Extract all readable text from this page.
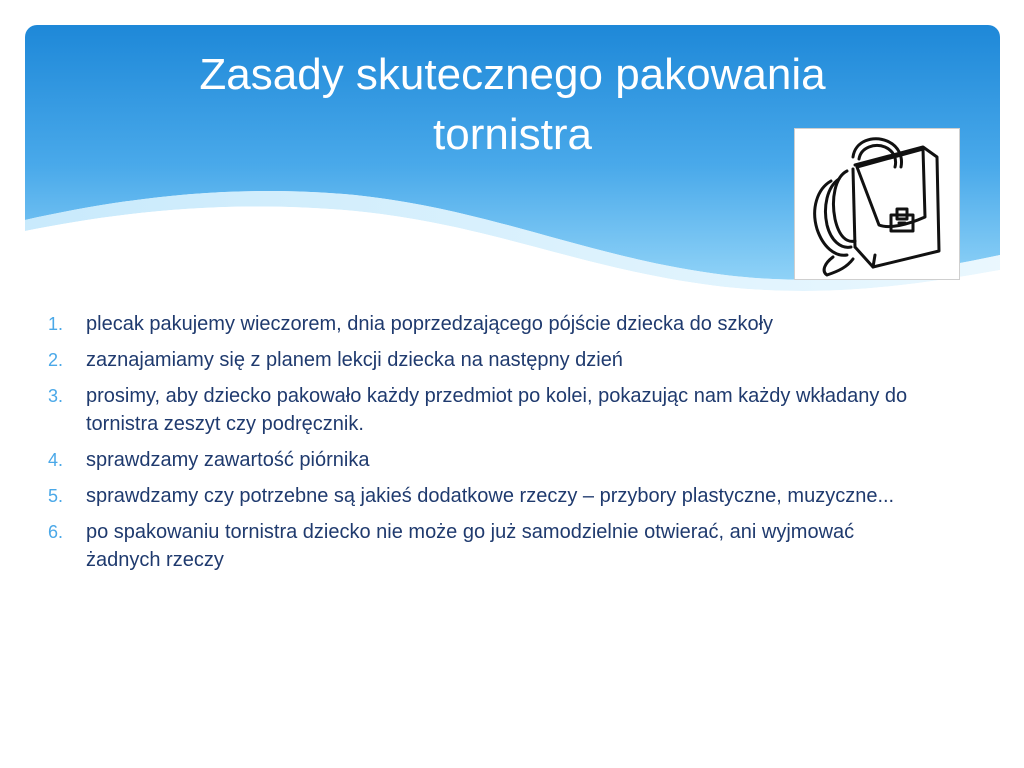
Zasady skutecznego pakowania
tornistra
1. plecak pakujemy wieczorem, dnia poprzedzającego pójście dziecka do szkoły
2. zaznajamiamy się z planem lekcji dziecka na następny dzień
3. prosimy, aby dziecko pakowało każdy przedmiot po kolei, pokazując nam każdy wkładany do tornistra zeszyt czy podręcznik.
4. sprawdzamy zawartość piórnika
5. sprawdzamy czy potrzebne są jakieś dodatkowe rzeczy – przybory plastyczne, muzyczne...
6. po spakowaniu tornistra dziecko nie może go już samodzielnie otwierać, ani wyjmować żadnych rzeczy
